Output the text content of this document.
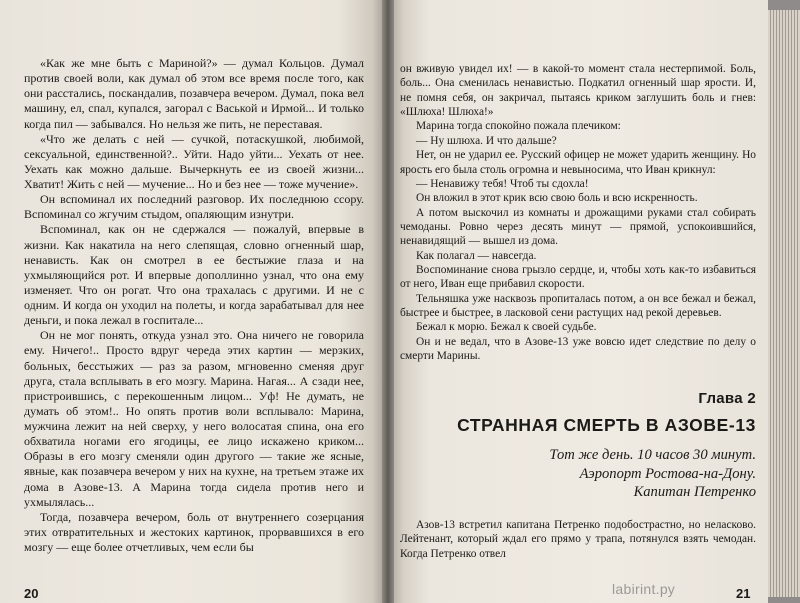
«Как же мне быть с Мариной?» — думал Кольцов. Думал против своей воли, как думал об этом все время после того, как они расстались, поскандалив, позавчера вечером. Думал, пока вел машину, ел, спал, купался, загорал с Васькой и Ирмой... И только когда пил — забывался. Но нельзя же пить, не переставая.

«Что же делать с ней — сучкой, потаскушкой, любимой, сексуальной, единственной?.. Уйти. Надо уйти... Уехать от нее. Уехать как можно дальше. Вычеркнуть ее из своей жизни... Хватит! Жить с ней — мучение... Но и без нее — тоже мучение».

Он вспоминал их последний разговор. Их последнюю ссору. Вспоминал со жгучим стыдом, опаляющим изнутри.

Вспоминал, как он не сдержался — пожалуй, впервые в жизни. Как накатила на него слепящая, словно огненный шар, ненависть. Как он смотрел в ее бестыжие глаза и на ухмыляющийся рот. И впервые дополлинно узнал, что она ему изменяет. Что он рогат. Что она трахалась с другими. И не с одним. И когда он уходил на полеты, и когда зарабатывал для нее деньги, и пока лежал в госпитале...

Он не мог понять, откуда узнал это. Она ничего не говорила ему. Ничего!.. Просто вдруг череда этих картин — мерзких, больных, бесстыжих — раз за разом, мгновенно сменяя друг друга, стала всплывать в его мозгу. Марина. Нагая... А сзади нее, пристроившись, с перекошенным лицом... Уф! Не думать, не думать об этом!.. Но опять против воли всплывало: Марина, мужчина лежит на ней сверху, у него волосатая спина, она его обхватила ногами его ягодицы, ее лицо искажено криком... Образы в его мозгу сменяли один другого — такие же ясные, явные, как позавчера вечером у них на кухне, на третьем этаже их дома в Азове-13. А Марина тогда сидела против него и ухмылялась...

Тогда, позавчера вечером, боль от внутреннего созерцания этих отвратительных и жестоких картинок, прорвавшихся в его мозгу — еще более отчетливых, чем если бы

он вживую увидел их! — в какой-то момент стала нестерпимой. Боль, боль... Она сменилась ненавистью. Подкатил огненный шар ярости. И, не помня себя, он закричал, пытаясь криком заглушить боль и гнев: «Шлюха! Шлюха!»

Марина тогда спокойно пожала плечиком:

— Ну шлюха. И что дальше?

Нет, он не ударил ее. Русский офицер не может ударить женщину. Но ярость его была столь огромна и невыносима, что Иван крикнул:

— Ненавижу тебя! Чтоб ты сдохла!

Он вложил в этот крик всю свою боль и всю искренность.

А потом выскочил из комнаты и дрожащими руками стал собирать чемоданы. Ровно через десять минут — прямой, успокоившийся, ненавидящий — вышел из дома.

Как полагал — навсегда.

Воспоминание снова грызло сердце, и, чтобы хоть как-то избавиться от него, Иван еще прибавил скорости.

Тельняшка уже насквозь пропиталась потом, а он все бежал и бежал, быстрее и быстрее, в ласковой сени растущих над рекой деревьев.

Бежал к морю. Бежал к своей судьбе.

Он и не ведал, что в Азове-13 уже вовсю идет следствие по делу о смерти Марины.

Глава 2
СТРАННАЯ СМЕРТЬ В АЗОВЕ-13
Тот же день. 10 часов 30 минут.
Аэропорт Ростова-на-Дону.
Капитан Петренко

Азов-13 встретил капитана Петренко подобострастно, но неласково. Лейтенант, который ждал его прямо у трапа, потянулся взять чемодан. Когда Петренко отвел

20	21
labirint.ру
